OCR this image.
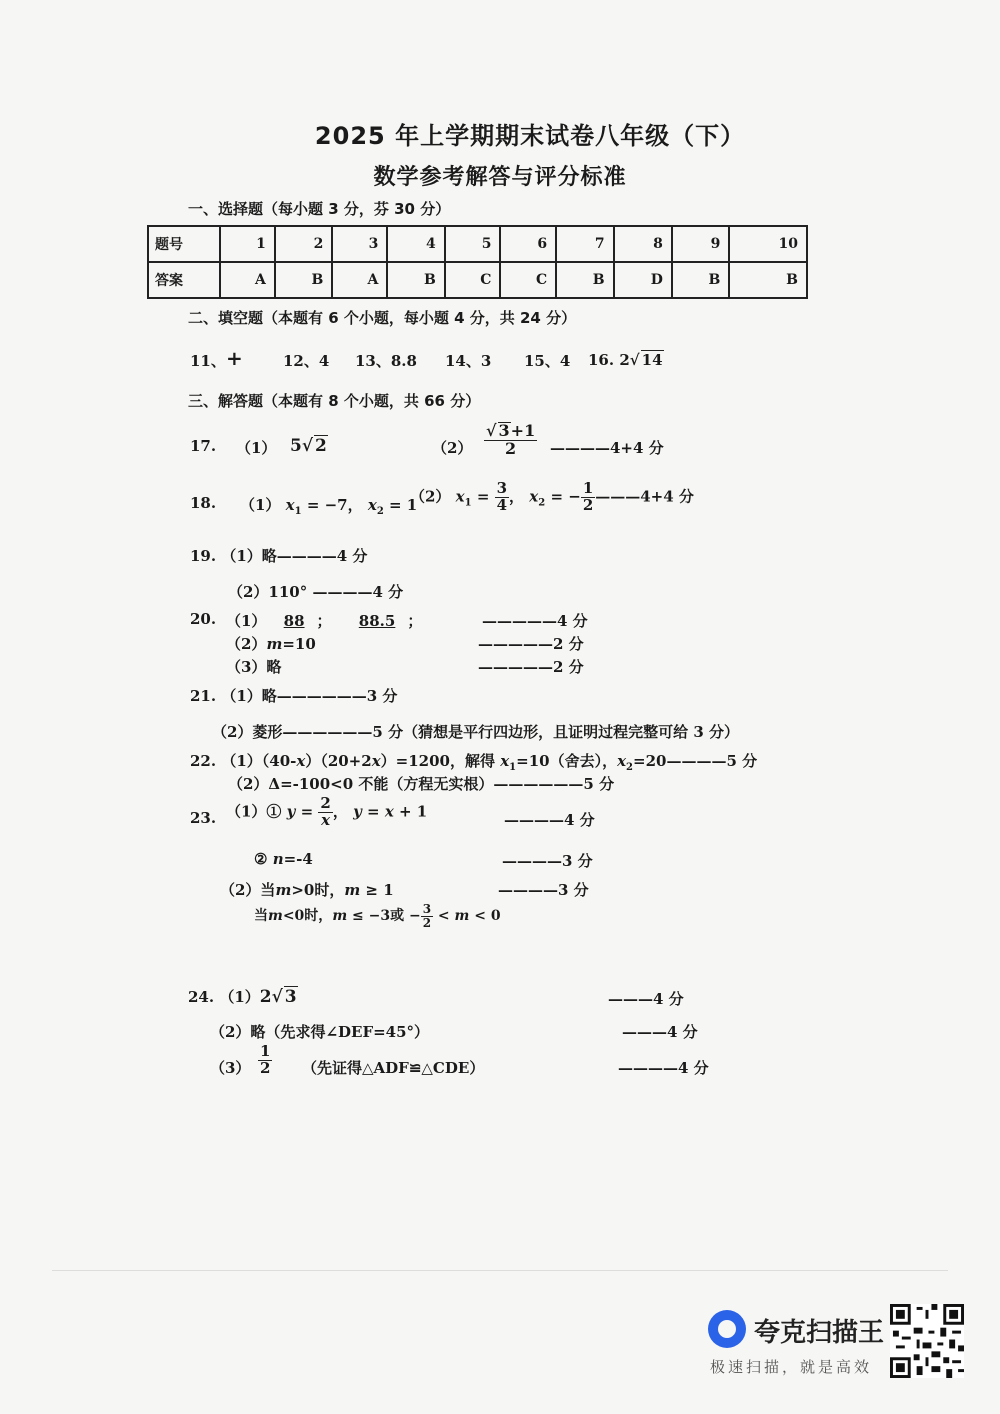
2025 年上学期期末试卷八年级（下）
数学参考解答与评分标准
一、选择题（每小题 3 分，芬 30 分）
题号	1	2	3	4	5	6	7	8	9	10
答案	A	B	A	B	C	C	B	D	B	B
二、填空题（本题有 6 个小题，每小题 4 分，共 24 分）
11、 +	12、4 13、8.8 14、3 15、4 16. 2√ 14
三、解答题（本题有 8 个小题，共 66 分）
17. （1） 5√ 2	$(2) \frac{√ 3+1}{2}$ ————4+4 分
18. （1） $x_1 = -7$， $x_2 = 1$
（2） $x_1 = \frac{3}{4}$ ， $x_2$ = − $\frac{1}{2}$ ———4+4 分
19. （1）略————4 分
（2）110° ————4 分
20. （1） 88 ； 88.5 ；	—————4 分
（2）m=10	—————2 分
（3）略	—————2 分
21. （1）略——————3 分
（2）菱形——————5 分（猜想是平行四边形，且证明过程完整可给 3 分）
22. （1）（40-x）（20+2x）=1200，解得 $x_1=10$（舍去），$x_2=20————5$ 分
（2）Δ=-100<0 不能（方程无实根）——————5 分
23. （1）① $y = \frac{2}{x}$ ， y = x + 1	————4 分
② n=-4	————3 分
（2）当m>0时，m ≥ 1	————3 分
当m<0时，m ≤ −3或 − $\frac{3}{2} < m < 0$
24. （1）2√ 3	———4 分
（2）略（先求得∠DEF=45°）	———4 分
$(3) \frac{1}{2}$ （先证得△ADF≌△CDE）	————4 分
夸克扫描王
极速扫描，就是高效
